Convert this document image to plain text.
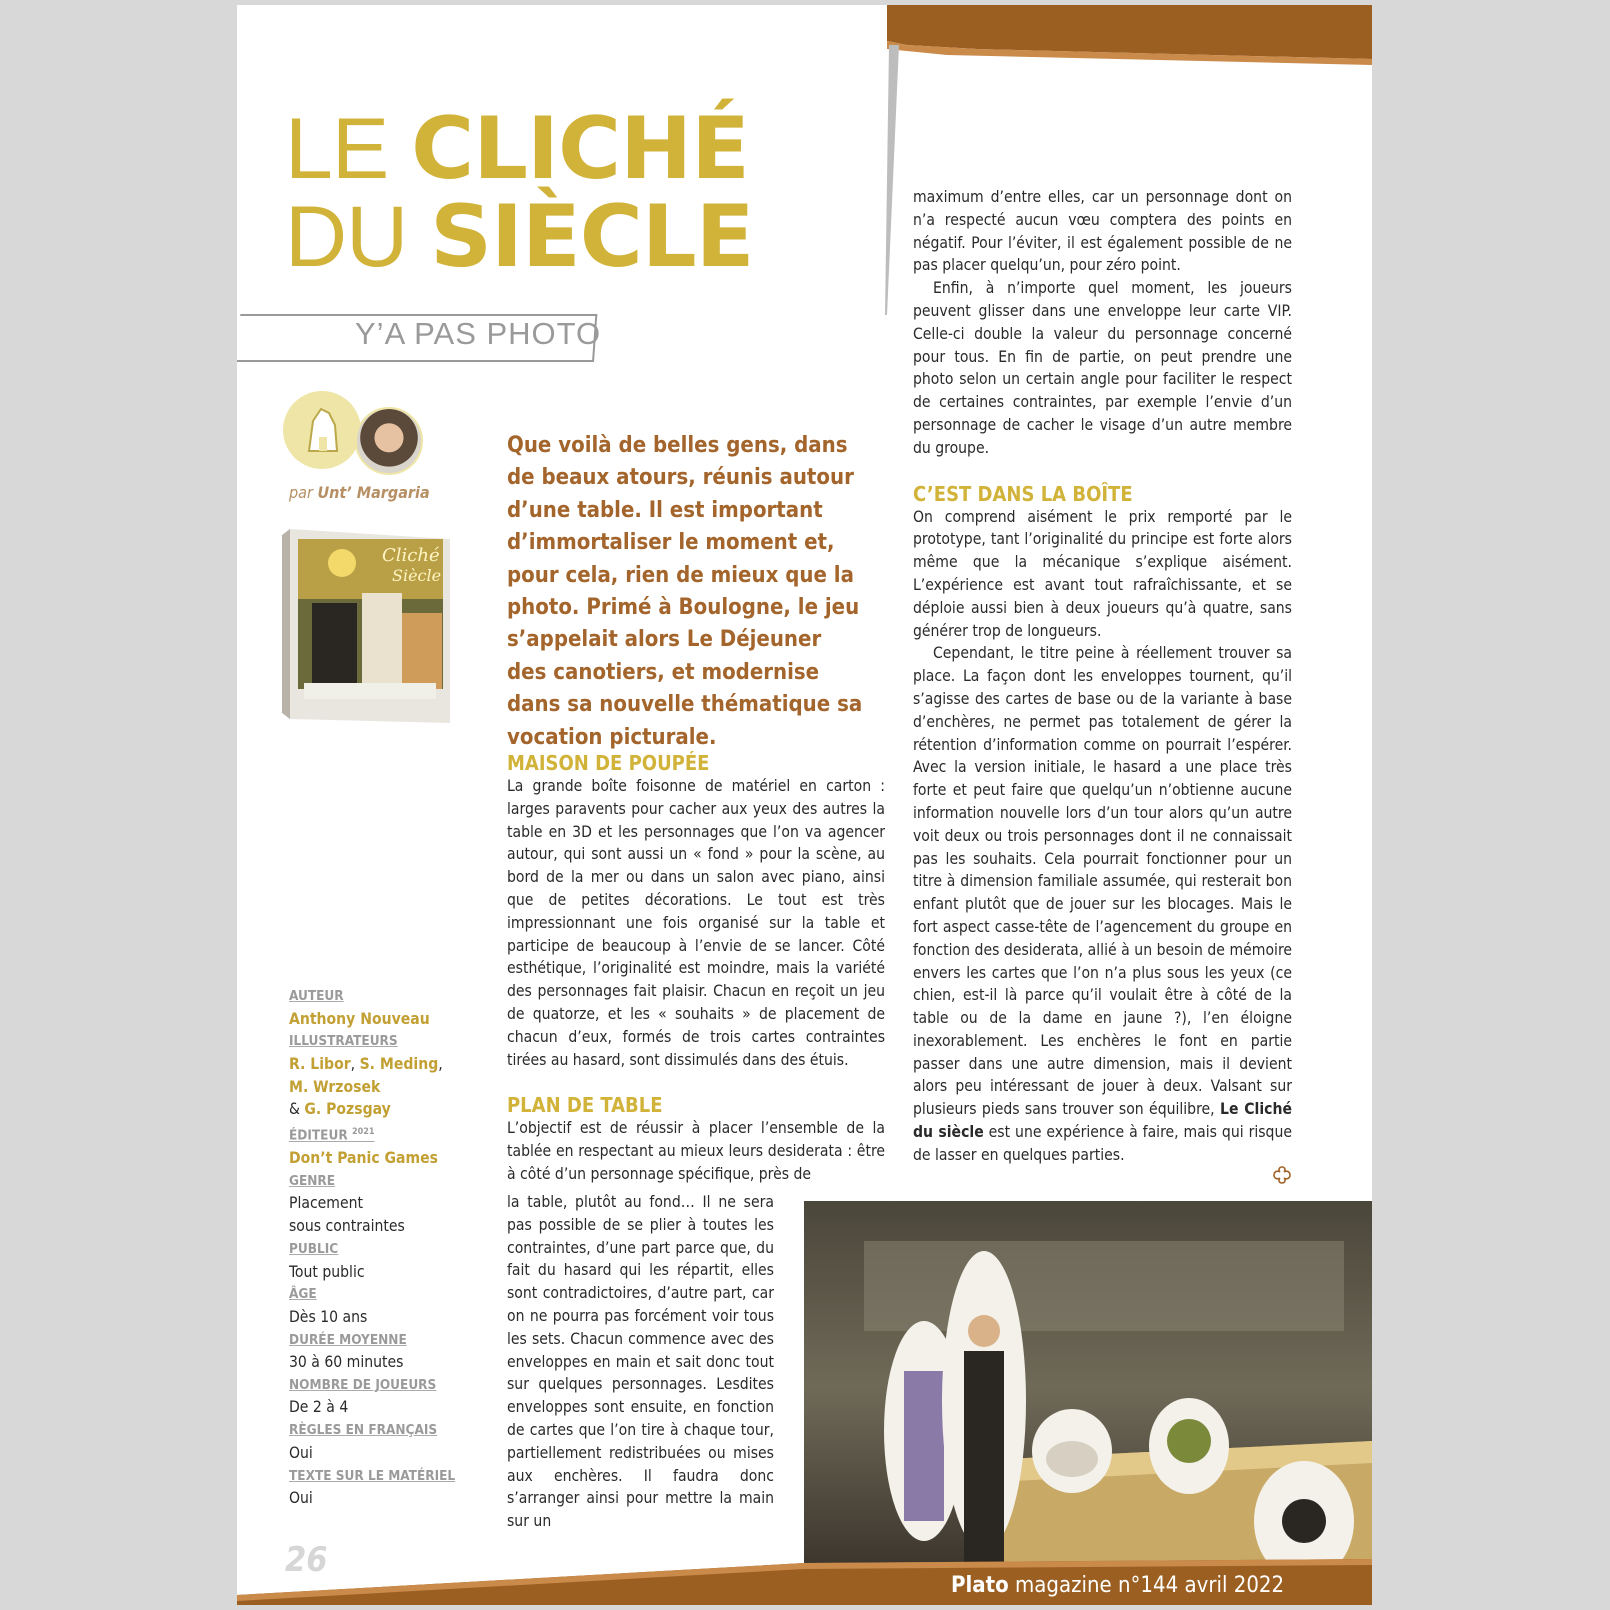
LE CLICHÉ
DU SIÈCLE
Y’A PAS PHOTO
par Unt’ Margaria
Cliché
Siècle
Que voilà de belles gens, dans de beaux atours, réunis autour d’une table. Il est important d’immortaliser le moment et, pour cela, rien de mieux que la photo. Primé à Boulogne, le jeu s’appelait alors Le Déjeuner des canotiers, et modernise dans sa nouvelle thématique sa vocation picturale.
MAISON DE POUPÉE

La grande boîte foisonne de matériel en carton : larges paravents pour cacher aux yeux des autres la table en 3D et les personnages que l’on va agencer autour, qui sont aussi un « fond » pour la scène, au bord de la mer ou dans un salon avec piano, ainsi que de petites décorations. Le tout est très impressionnant une fois organisé sur la table et participe de beaucoup à l’envie de se lancer. Côté esthétique, l’originalité est moindre, mais la variété des personnages fait plaisir. Chacun en reçoit un jeu de quatorze, et les « souhaits » de placement de chacun d’eux, formés de trois cartes contraintes tirées au hasard, sont dissimulés dans des étuis.

PLAN DE TABLE

L’objectif est de réussir à placer l’ensemble de la tablée en respectant au mieux leurs desiderata : être à côté d’un personnage spécifique, près de

la table, plutôt au fond… Il ne sera pas possible de se plier à toutes les contraintes, d’une part parce que, du fait du hasard qui les répartit, elles sont contradictoires, d’autre part, car on ne pourra pas forcément voir tous les sets. Chacun commence avec des enveloppes en main et sait donc tout sur quelques personnages. Lesdites enveloppes sont ensuite, en fonction de cartes que l’on tire à chaque tour, partiellement redistribuées ou mises aux enchères. Il faudra donc s’arranger ainsi pour mettre la main sur un

maximum d’entre elles, car un personnage dont on n’a respecté aucun vœu comptera des points en négatif. Pour l’éviter, il est également possible de ne pas placer quelqu’un, pour zéro point.

Enfin, à n’importe quel moment, les joueurs peuvent glisser dans une enveloppe leur carte VIP. Celle-ci double la valeur du personnage concerné pour tous. En fin de partie, on peut prendre une photo selon un certain angle pour faciliter le respect de certaines contraintes, par exemple l’envie d’un personnage de cacher le visage d’un autre membre du groupe.

C’EST DANS LA BOÎTE

On comprend aisément le prix remporté par le prototype, tant l’originalité du principe est forte alors même que la mécanique s’explique aisément. L’expérience est avant tout rafraîchissante, et se déploie aussi bien à deux joueurs qu’à quatre, sans générer trop de longueurs.

Cependant, le titre peine à réellement trouver sa place. La façon dont les enveloppes tournent, qu’il s’agisse des cartes de base ou de la variante à base d’enchères, ne permet pas totalement de gérer la rétention d’information comme on pourrait l’espérer. Avec la version initiale, le hasard a une place très forte et peut faire que quelqu’un n’obtienne aucune information nouvelle lors d’un tour alors qu’un autre voit deux ou trois personnages dont il ne connaissait pas les souhaits. Cela pourrait fonctionner pour un titre à dimension familiale assumée, qui resterait bon enfant plutôt que de jouer sur les blocages. Mais le fort aspect casse-tête de l’agencement du groupe en fonction des desiderata, allié à un besoin de mémoire envers les cartes que l’on n’a plus sous les yeux (ce chien, est-il là parce qu’il voulait être à côté de la table ou de la dame en jaune ?), l’en éloigne inexorablement. Les enchères le font en partie passer dans une autre dimension, mais il devient alors peu intéressant de jouer à deux. Valsant sur plusieurs pieds sans trouver son équilibre, Le Cliché du siècle est une expérience à faire, mais qui risque de lasser en quelques parties.

AUTEUR
Anthony Nouveau
ILLUSTRATEURS
R. Libor, S. Meding,
M. Wrzosek
& G. Pozsgay
ÉDITEUR $^{2021}$
Don’t Panic Games
GENRE
Placement
sous contraintes
PUBLIC
Tout public
ÂGE
Dès 10 ans
DURÉE MOYENNE
30 à 60 minutes
NOMBRE DE JOUEURS
De 2 à 4
RÈGLES EN FRANÇAIS
Oui
TEXTE SUR LE MATÉRIEL
Oui
Plato magazine n°144 avril 2022
26
